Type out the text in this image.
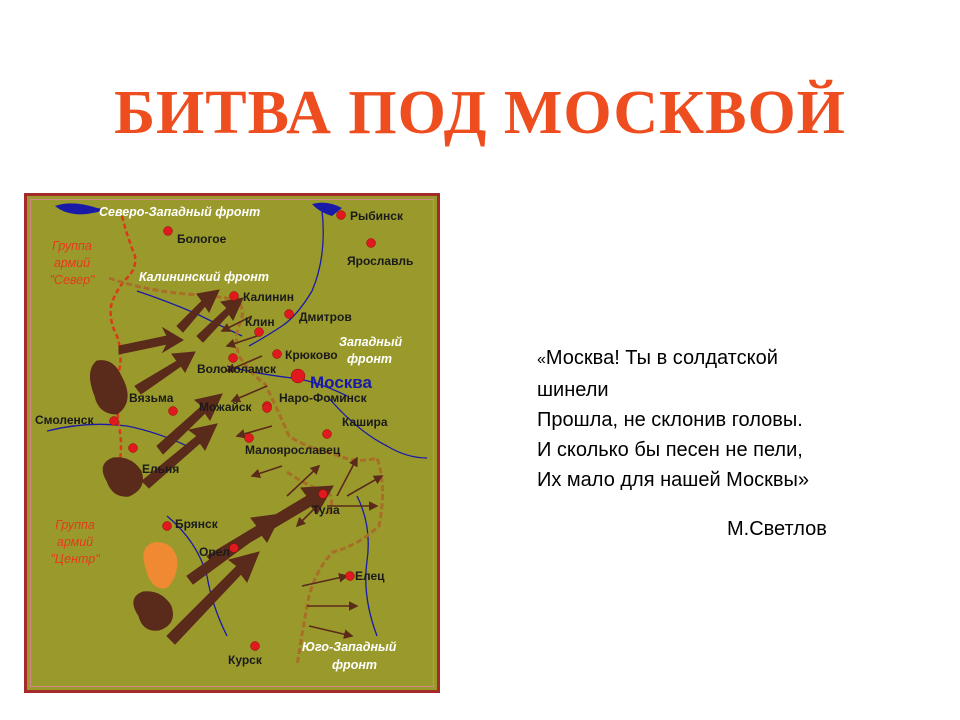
БИТВА ПОД МОСКВОЙ
Северо-Западный фронт
Калининский фронт
Западный
фронт
Юго-Западный
фронт
Группа
армий
"Север"
Группа
армий
"Центр"
Рыбинск
Бологое
Ярославль
Калинин
Дмитров
Клин
Крюково
Волоколамск
Можайск
Наро-Фоминск
Вязьма
Смоленск	Кашира
Малоярославец
Ельня
Тула
Брянск
Орел
Елец
Курск
Москва
«Москва! Ты в солдатской
шинели
Прошла, не склонив головы.
И сколько бы песен не пели,
Их мало для нашей Москвы»
М.Светлов
